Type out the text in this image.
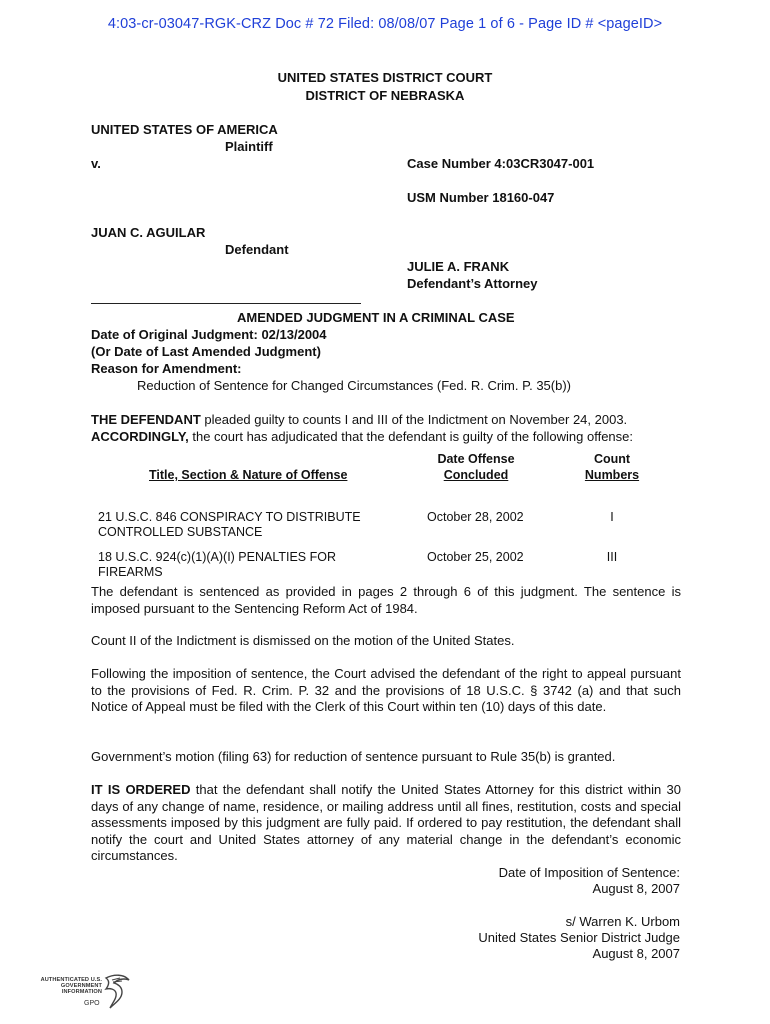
4:03-cr-03047-RGK-CRZ Doc # 72 Filed: 08/08/07 Page 1 of 6 - Page ID # <pageID>
UNITED STATES DISTRICT COURT
DISTRICT OF NEBRASKA
UNITED STATES OF AMERICA
Plaintiff
v.	Case Number 4:03CR3047-001
USM Number 18160-047
JUAN C. AGUILAR
Defendant
JULIE A. FRANK
Defendant’s Attorney
AMENDED JUDGMENT IN A CRIMINAL CASE
Date of Original Judgment: 02/13/2004
(Or Date of Last Amended Judgment)
Reason for Amendment:
Reduction of Sentence for Changed Circumstances (Fed. R. Crim. P. 35(b))
THE DEFENDANT pleaded guilty to counts I and III of the Indictment on November 24, 2003.
ACCORDINGLY, the court has adjudicated that the defendant is guilty of the following offense:
Date Offense	Count
Title, Section & Nature of Offense	Concluded	Numbers
21 U.S.C. 846 CONSPIRACY TO DISTRIBUTE
CONTROLLED SUBSTANCE
October 28, 2002	I
18 U.S.C. 924(c)(1)(A)(I) PENALTIES FOR
FIREARMS
October 25, 2002	III
The defendant is sentenced as provided in pages 2 through 6 of this judgment. The sentence is imposed pursuant to the Sentencing Reform Act of 1984.
Count II of the Indictment is dismissed on the motion of the United States.
Following the imposition of sentence, the Court advised the defendant of the right to appeal pursuant to the provisions of Fed. R. Crim. P. 32 and the provisions of 18 U.S.C. § 3742 (a) and that such Notice of Appeal must be filed with the Clerk of this Court within ten (10) days of this date.
Government’s motion (filing 63) for reduction of sentence pursuant to Rule 35(b) is granted.
IT IS ORDERED that the defendant shall notify the United States Attorney for this district within 30 days of any change of name, residence, or mailing address until all fines, restitution, costs and special assessments imposed by this judgment are fully paid. If ordered to pay restitution, the defendant shall notify the court and United States attorney of any material change in the defendant’s economic circumstances.
Date of Imposition of Sentence:
August 8, 2007
s/ Warren K. Urbom
United States Senior District Judge
August 8, 2007
AUTHENTICATED U.S. GOVERNMENT INFORMATION
GPO
